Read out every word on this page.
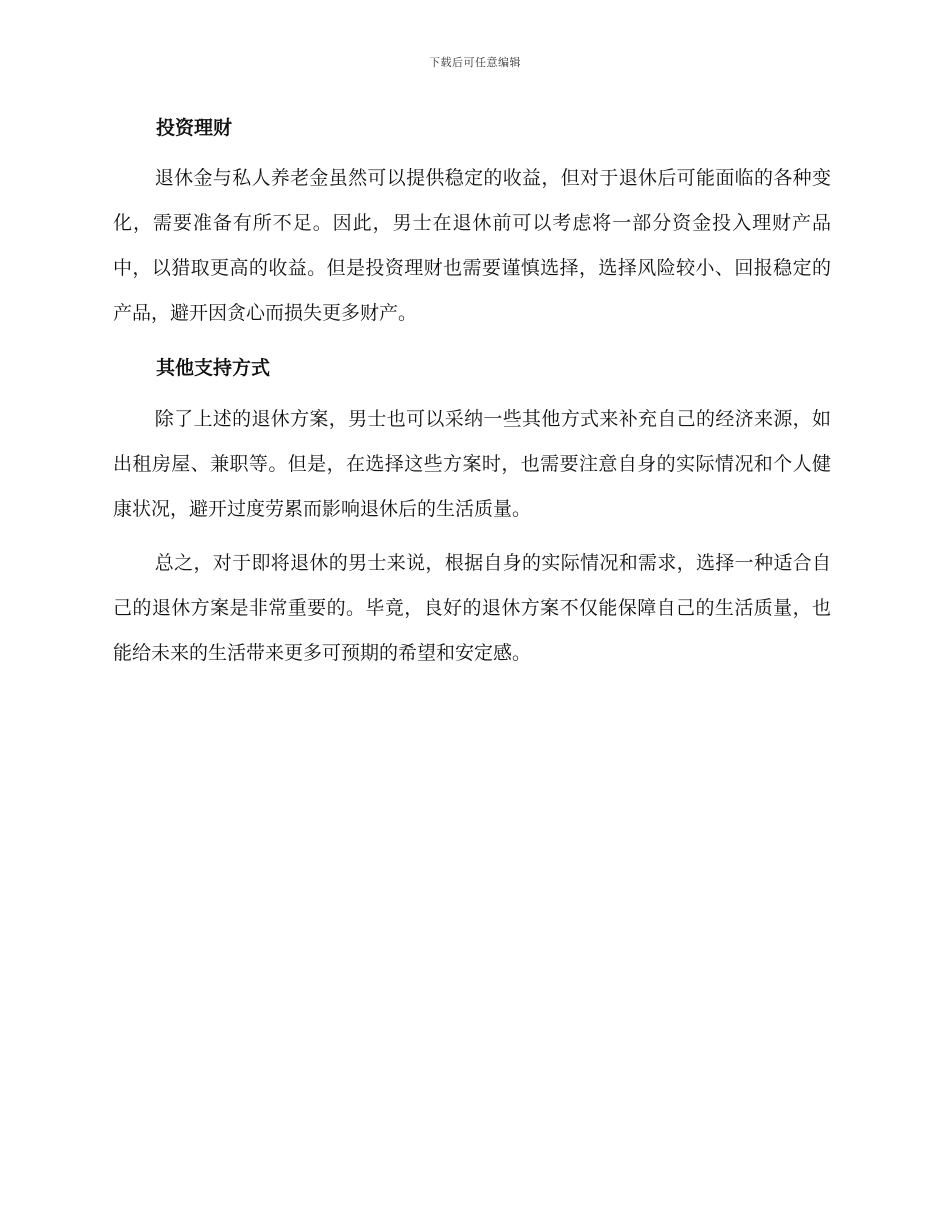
下载后可任意编辑
投资理财

退休金与私人养老金虽然可以提供稳定的收益，但对于退休后可能面临的各种变化，需要准备有所不足。因此，男士在退休前可以考虑将一部分资金投入理财产品中，以猎取更高的收益。但是投资理财也需要谨慎选择，选择风险较小、回报稳定的产品，避开因贪心而损失更多财产。

其他支持方式

除了上述的退休方案，男士也可以采纳一些其他方式来补充自己的经济来源，如出租房屋、兼职等。但是，在选择这些方案时，也需要注意自身的实际情况和个人健康状况，避开过度劳累而影响退休后的生活质量。

总之，对于即将退休的男士来说，根据自身的实际情况和需求，选择一种适合自己的退休方案是非常重要的。毕竟，良好的退休方案不仅能保障自己的生活质量，也能给未来的生活带来更多可预期的希望和安定感。
